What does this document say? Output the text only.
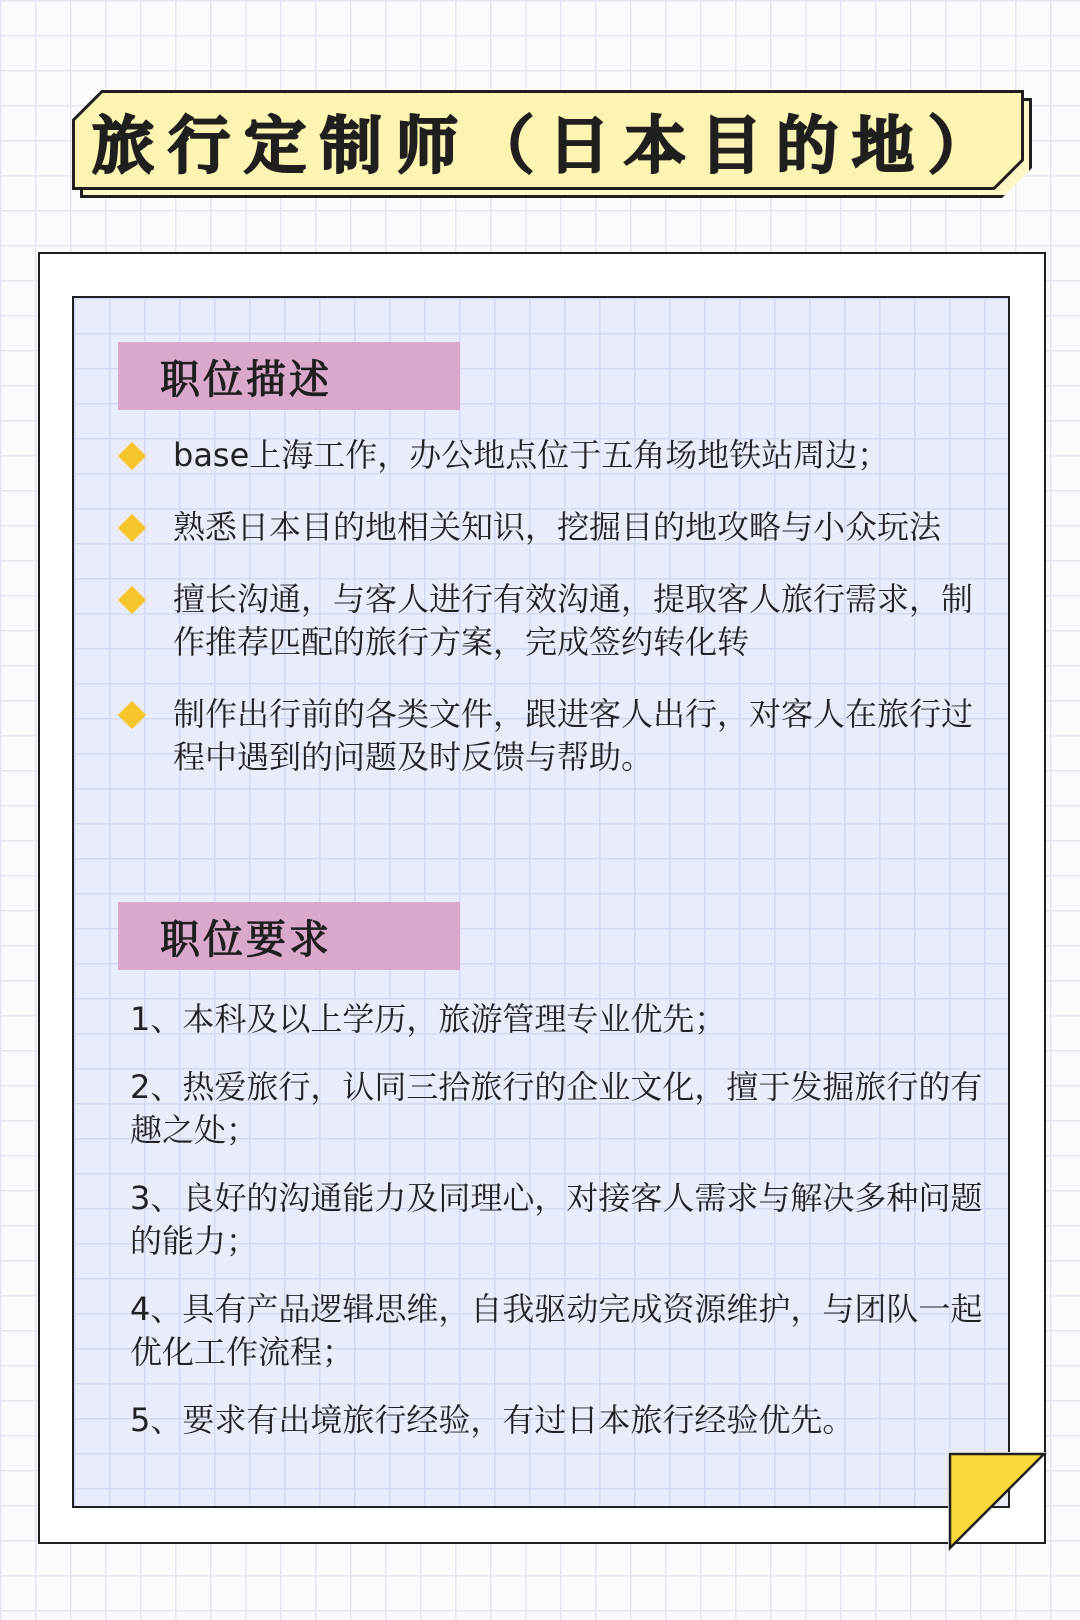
旅行定制师（日本目的地）
职位描述
base上海工作，办公地点位于五角场地铁站周边；
熟悉日本目的地相关知识，挖掘目的地攻略与小众玩法
擅长沟通，与客人进行有效沟通，提取客人旅行需求，制作推荐匹配的旅行方案，完成签约转化转
制作出行前的各类文件，跟进客人出行，对客人在旅行过程中遇到的问题及时反馈与帮助。
职位要求
1、本科及以上学历，旅游管理专业优先；
2、热爱旅行，认同三拾旅行的企业文化，擅于发掘旅行的有趣之处；
3、良好的沟通能力及同理心，对接客人需求与解决多种问题的能力；
4、具有产品逻辑思维，自我驱动完成资源维护，与团队一起优化工作流程；
5、要求有出境旅行经验，有过日本旅行经验优先。
